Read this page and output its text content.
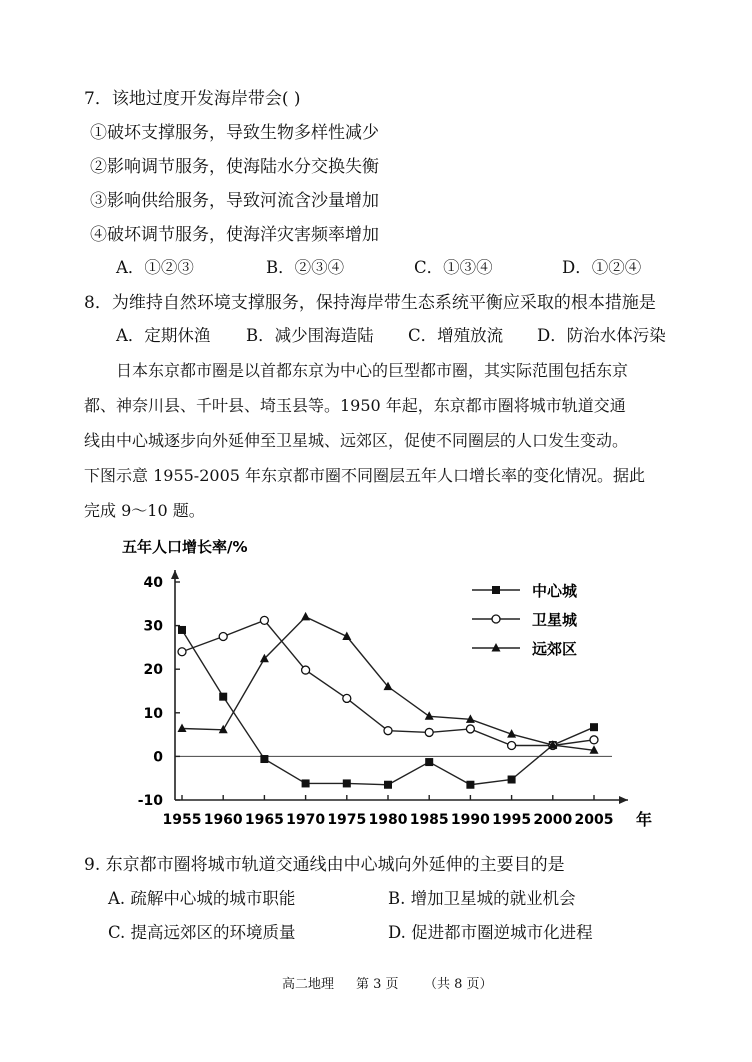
7．该地过度开发海岸带会( )
①破坏支撑服务，导致生物多样性减少
②影响调节服务，使海陆水分交换失衡
③影响供给服务，导致河流含沙量增加
④破坏调节服务，使海洋灾害频率增加
A．①②③	B．②③④	C．①③④	D．①②④
8．为维持自然环境支撑服务，保持海岸带生态系统平衡应采取的根本措施是
A．定期休渔 B．减少围海造陆 C．增殖放流 D．防治水体污染
日本东京都市圈是以首都东京为中心的巨型都市圈，其实际范围包括东京
都、神奈川县、千叶县、埼玉县等。1950 年起，东京都市圈将城市轨道交通
线由中心城逐步向外延伸至卫星城、远郊区，促使不同圈层的人口发生变动。
下图示意 1955-2005 年东京都市圈不同圈层五年人口增长率的变化情况。据此
完成 9～10 题。
五年人口增长率/%
-10
0
10
20
30
40
1955 1960 1965 1970 1975 1980 1985 1990 1995 2000 2005 年
中心城
卫星城
远郊区
9. 东京都市圈将城市轨道交通线由中心城向外延伸的主要目的是
A. 疏解中心城的城市职能	B. 增加卫星城的就业机会
C. 提高远郊区的环境质量	D. 促进都市圈逆城市化进程
高二地理 第 3 页 （共 8 页）
